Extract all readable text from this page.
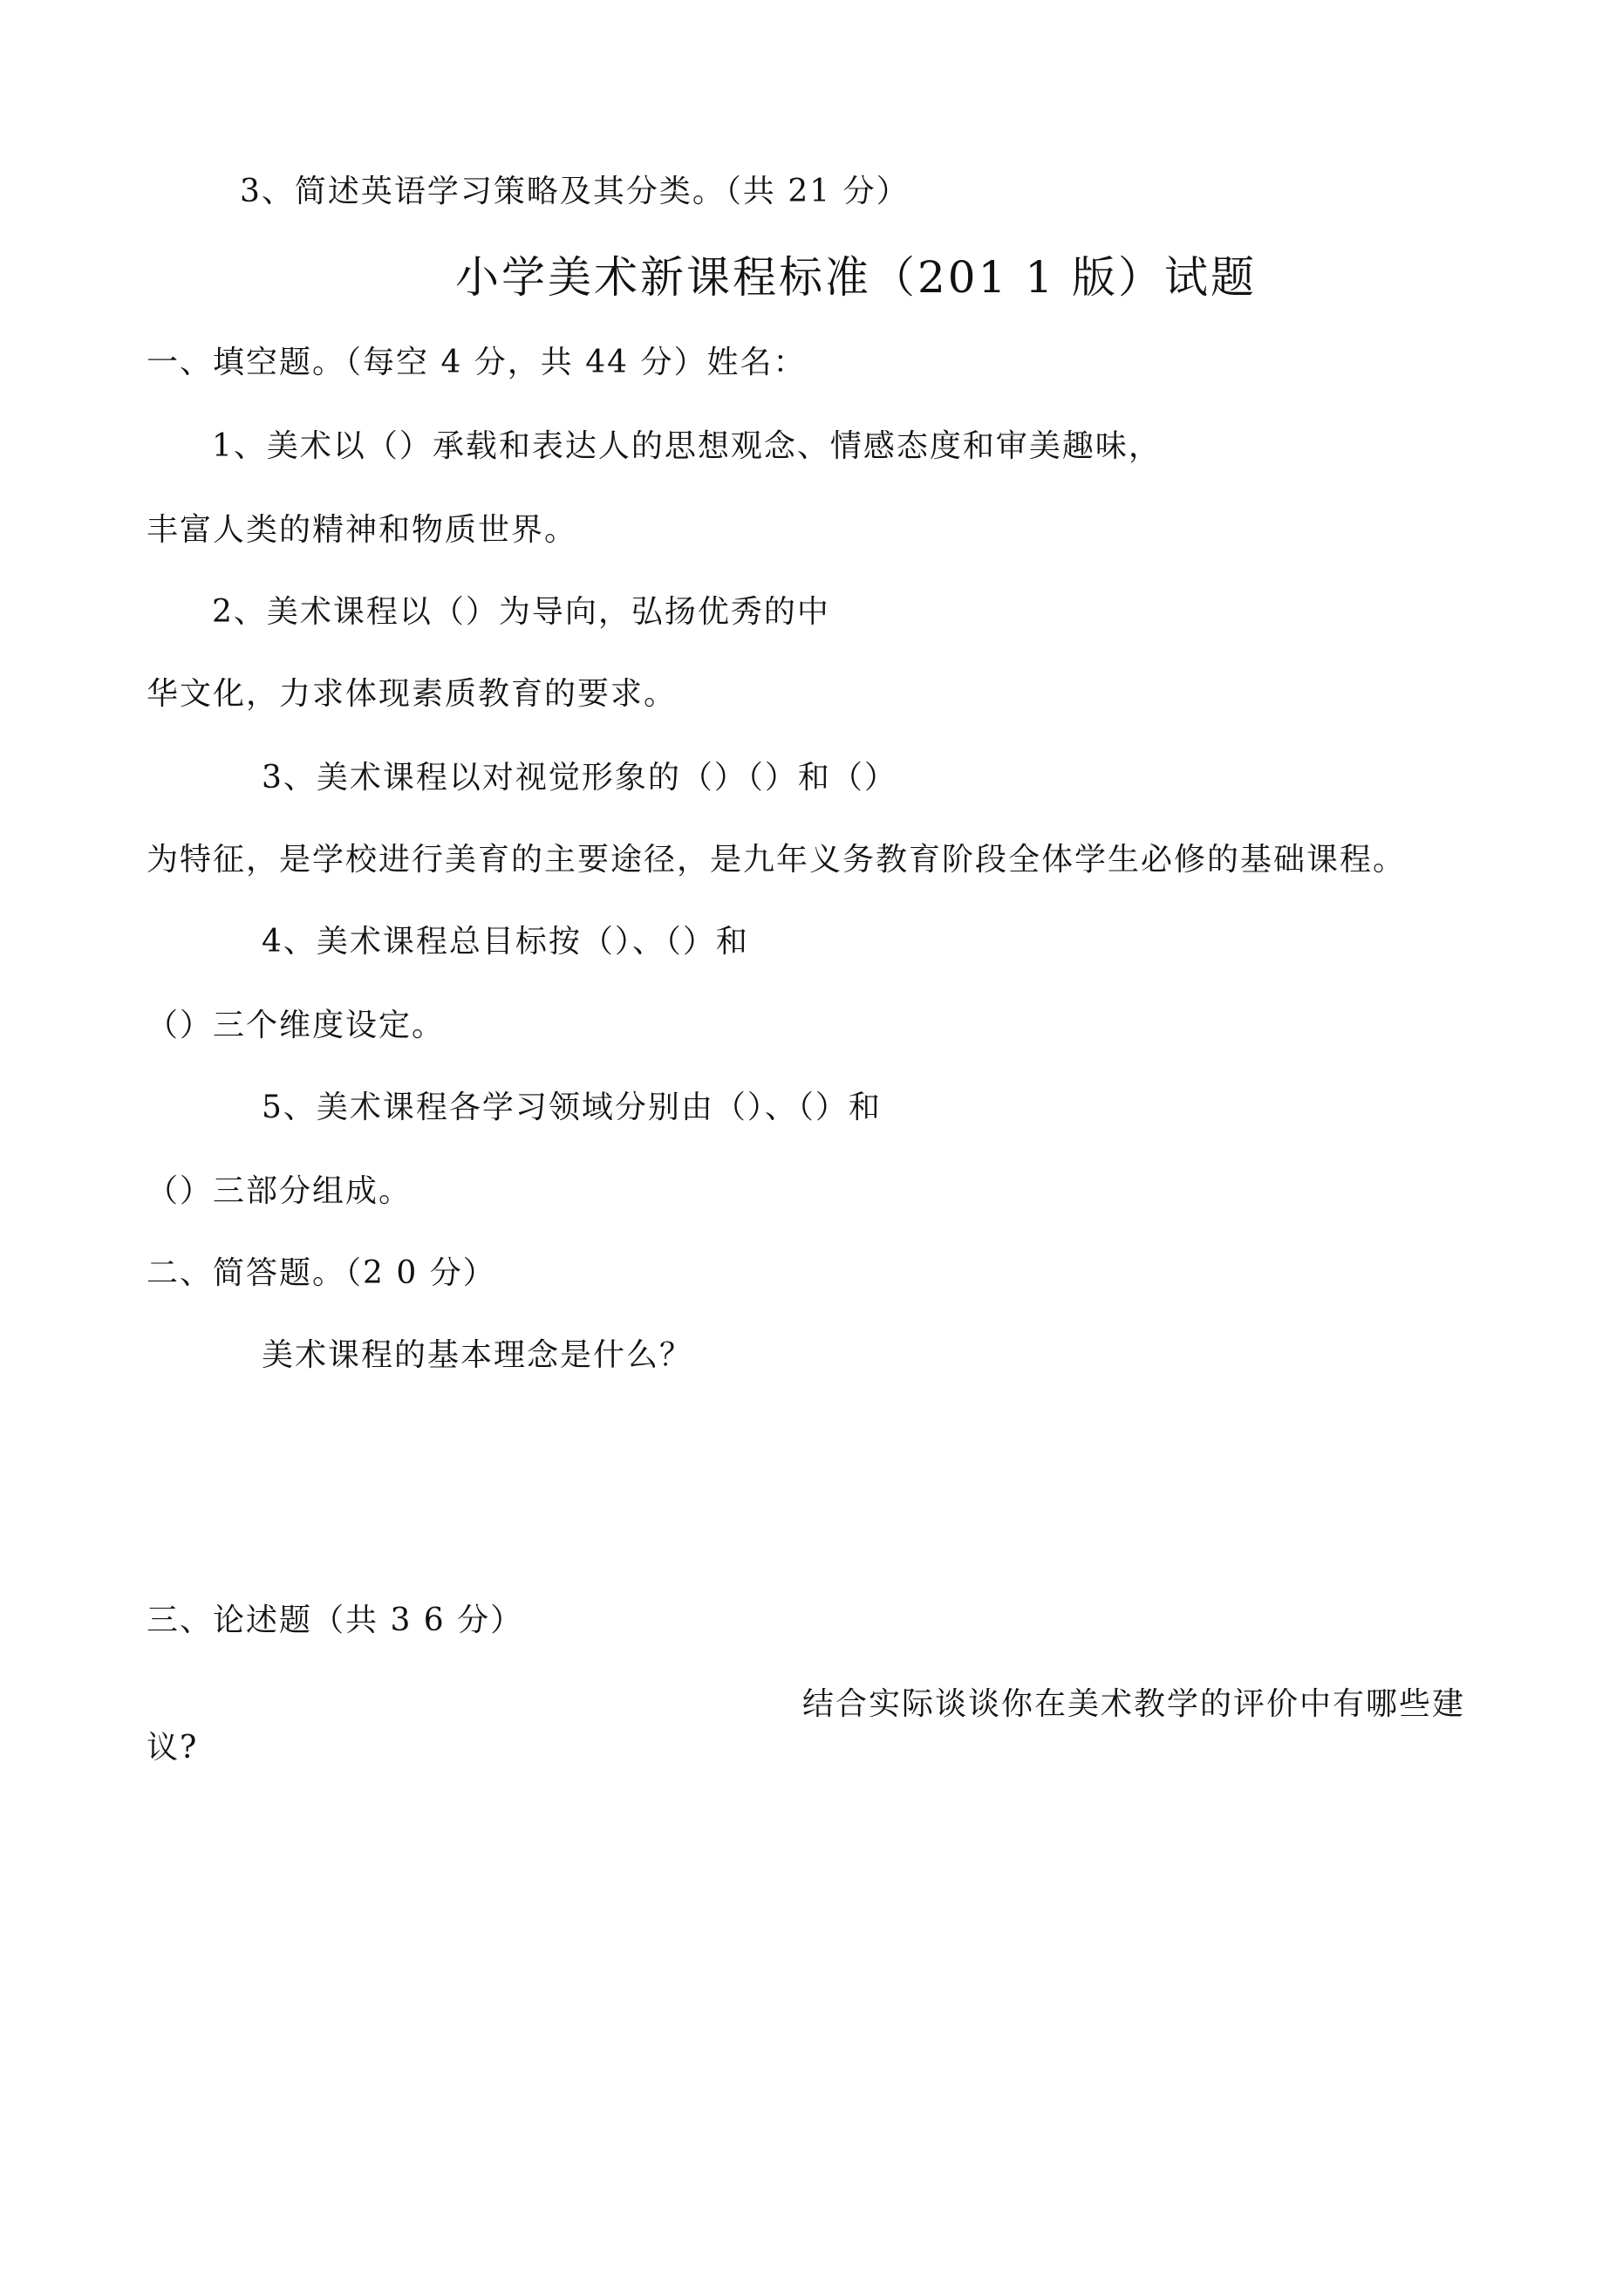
3、简述英语学习策略及其分类。（共 21 分）
小学美术新课程标准（201 1 版）试题
一、填空题。（每空 4 分，共 44 分）姓名：
1、美术以（）承载和表达人的思想观念、情感态度和审美趣味，
丰富人类的精神和物质世界。
2、美术课程以（）为导向，弘扬优秀的中
华文化，力求体现素质教育的要求。
3、美术课程以对视觉形象的（）（）和（）
为特征，是学校进行美育的主要途径，是九年义务教育阶段全体学生必修的基础课程。
4、美术课程总目标按（）、（）和
（）三个维度设定。
5、美术课程各学习领域分别由（）、（）和
（）三部分组成。
二、简答题。（2 0 分）
美术课程的基本理念是什么？
三、论述题（共 3 6 分）
结合实际谈谈你在美术教学的评价中有哪些建
议?
